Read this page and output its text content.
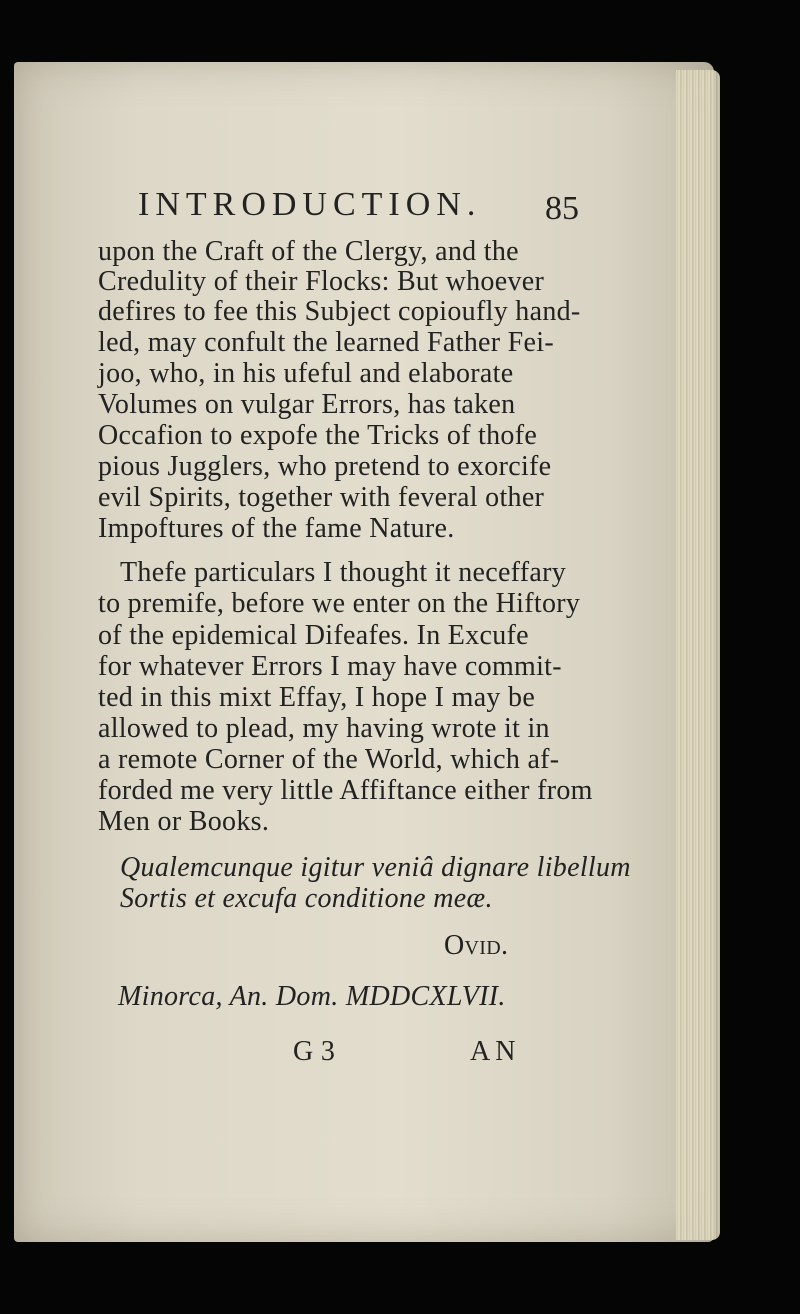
INTRODUCTION. 85
upon the Craft of the Clergy, and the
Credulity of their Flocks: But whoever
defires to fee this Subject copioufly hand-
led, may confult the learned Father Fei-
joo, who, in his ufeful and elaborate
Volumes on vulgar Errors, has taken
Occafion to expofe the Tricks of thofe
pious Jugglers, who pretend to exorcife
evil Spirits, together with feveral other
Impoftures of the fame Nature.
Thefe particulars I thought it neceffary
to premife, before we enter on the Hiftory
of the epidemical Difeafes. In Excufe
for whatever Errors I may have commit-
ted in this mixt Effay, I hope I may be
allowed to plead, my having wrote it in
a remote Corner of the World, which af-
forded me very little Affiftance either from
Men or Books.
Qualemcunque igitur veniâ dignare libellum
Sortis et excufa conditione meæ.
Ovid.
Minorca, An. Dom. MDDCXLVII.
G 3	AN
